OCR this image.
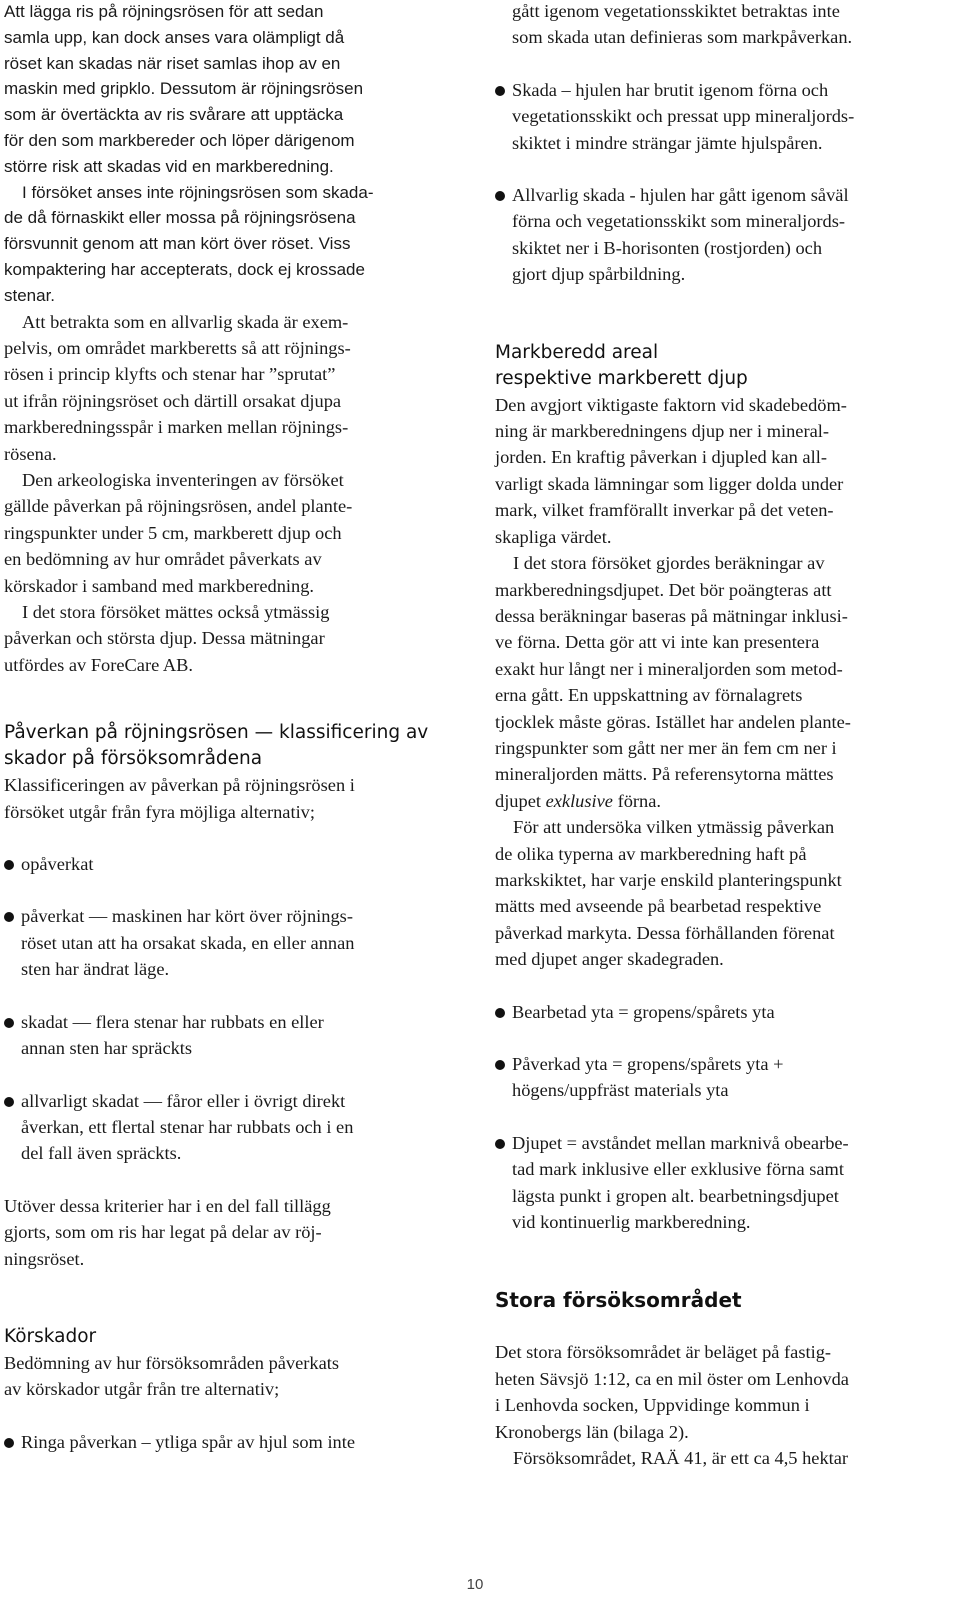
Att lägga ris på röjningsrösen för att sedan
samla upp, kan dock anses vara olämpligt då
röset kan skadas när riset samlas ihop av en
maskin med gripklo. Dessutom är röjningsrösen
som är övertäckta av ris svårare att upptäcka
för den som markbereder och löper därigenom
större risk att skadas vid en markberedning.
I försöket anses inte röjningsrösen som skada-
de då förnaskikt eller mossa på röjningsrösena
försvunnit genom att man kört över röset. Viss
kompaktering har accepterats, dock ej krossade
stenar.
Att betrakta som en allvarlig skada är exem-
pelvis, om området markberetts så att röjnings-
rösen i princip klyfts och stenar har ”sprutat”
ut ifrån röjningsröset och därtill orsakat djupa
markberedningsspår i marken mellan röjnings-
rösena.
Den arkeologiska inventeringen av försöket
gällde påverkan på röjningsrösen, andel plante-
ringspunkter under 5 cm, markberett djup och
en bedömning av hur området påverkats av
körskador i samband med markberedning.
I det stora försöket mättes också ytmässig
påverkan och största djup. Dessa mätningar
utfördes av ForeCare AB.
Påverkan på röjningsrösen — klassificering av
skador på försöksområdena
Klassificeringen av påverkan på röjningsrösen i
försöket utgår från fyra möjliga alternativ;
opåverkat
påverkat — maskinen har kört över röjnings-
röset utan att ha orsakat skada, en eller annan
sten har ändrat läge.
skadat — flera stenar har rubbats en eller
annan sten har spräckts
allvarligt skadat — fåror eller i övrigt direkt
åverkan, ett flertal stenar har rubbats och i en
del fall även spräckts.
Utöver dessa kriterier har i en del fall tillägg
gjorts, som om ris har legat på delar av röj-
ningsröset.
Körskador
Bedömning av hur försöksområden påverkats
av körskador utgår från tre alternativ;
Ringa påverkan – ytliga spår av hjul som inte
gått igenom vegetationsskiktet betraktas inte
som skada utan definieras som markpåverkan.
Skada – hjulen har brutit igenom förna och
vegetationsskikt och pressat upp mineraljords-
skiktet i mindre strängar jämte hjulspåren.
Allvarlig skada - hjulen har gått igenom såväl
förna och vegetationsskikt som mineraljords-
skiktet ner i B-horisonten (rostjorden) och
gjort djup spårbildning.
Markberedd areal
respektive markberett djup
Den avgjort viktigaste faktorn vid skadebedöm-
ning är markberedningens djup ner i mineral-
jorden. En kraftig påverkan i djupled kan all-
varligt skada lämningar som ligger dolda under
mark, vilket framförallt inverkar på det veten-
skapliga värdet.
I det stora försöket gjordes beräkningar av
markberedningsdjupet. Det bör poängteras att
dessa beräkningar baseras på mätningar inklusi-
ve förna. Detta gör att vi inte kan presentera
exakt hur långt ner i mineraljorden som metod-
erna gått. En uppskattning av förnalagrets
tjocklek måste göras. Istället har andelen plante-
ringspunkter som gått ner mer än fem cm ner i
mineraljorden mätts. På referensytorna mättes
djupet exklusive förna.
För att undersöka vilken ytmässig påverkan
de olika typerna av markberedning haft på
markskiktet, har varje enskild planteringspunkt
mätts med avseende på bearbetad respektive
påverkad markyta. Dessa förhållanden förenat
med djupet anger skadegraden.
Bearbetad yta = gropens/spårets yta
Påverkad yta = gropens/spårets yta +
högens/uppfräst materials yta
Djupet = avståndet mellan marknivå obearbe-
tad mark inklusive eller exklusive förna samt
lägsta punkt i gropen alt. bearbetningsdjupet
vid kontinuerlig markberedning.
Stora försöksområdet
Det stora försöksområdet är beläget på fastig-
heten Sävsjö 1:12, ca en mil öster om Lenhovda
i Lenhovda socken, Uppvidinge kommun i
Kronobergs län (bilaga 2).
Försöksområdet, RAÄ 41, är ett ca 4,5 hektar
10
